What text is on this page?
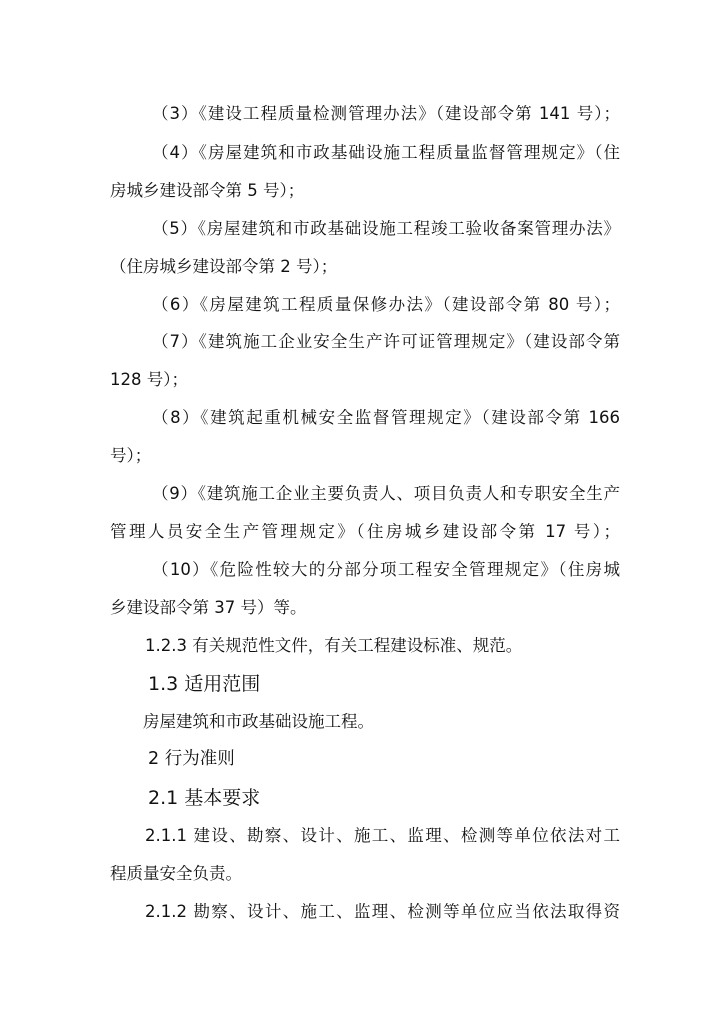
（3）《建设工程质量检测管理办法》（建设部令第 141 号）；
（4）《房屋建筑和市政基础设施工程质量监督管理规定》（住
房城乡建设部令第 5 号）；
（5）《房屋建筑和市政基础设施工程竣工验收备案管理办法》
（住房城乡建设部令第 2 号）；
（6）《房屋建筑工程质量保修办法》（建设部令第 80 号）；
（7）《建筑施工企业安全生产许可证管理规定》（建设部令第
128 号）；
（8）《建筑起重机械安全监督管理规定》（建设部令第 166
号）；
（9）《建筑施工企业主要负责人、项目负责人和专职安全生产
管理人员安全生产管理规定》（住房城乡建设部令第 17 号）；
（10）《危险性较大的分部分项工程安全管理规定》（住房城
乡建设部令第 37 号）等。
1.2.3 有关规范性文件，有关工程建设标准、规范。
1.3 适用范围
房屋建筑和市政基础设施工程。
2 行为准则
2.1 基本要求
2.1.1 建设、勘察、设计、施工、监理、检测等单位依法对工
程质量安全负责。
2.1.2 勘察、设计、施工、监理、检测等单位应当依法取得资
